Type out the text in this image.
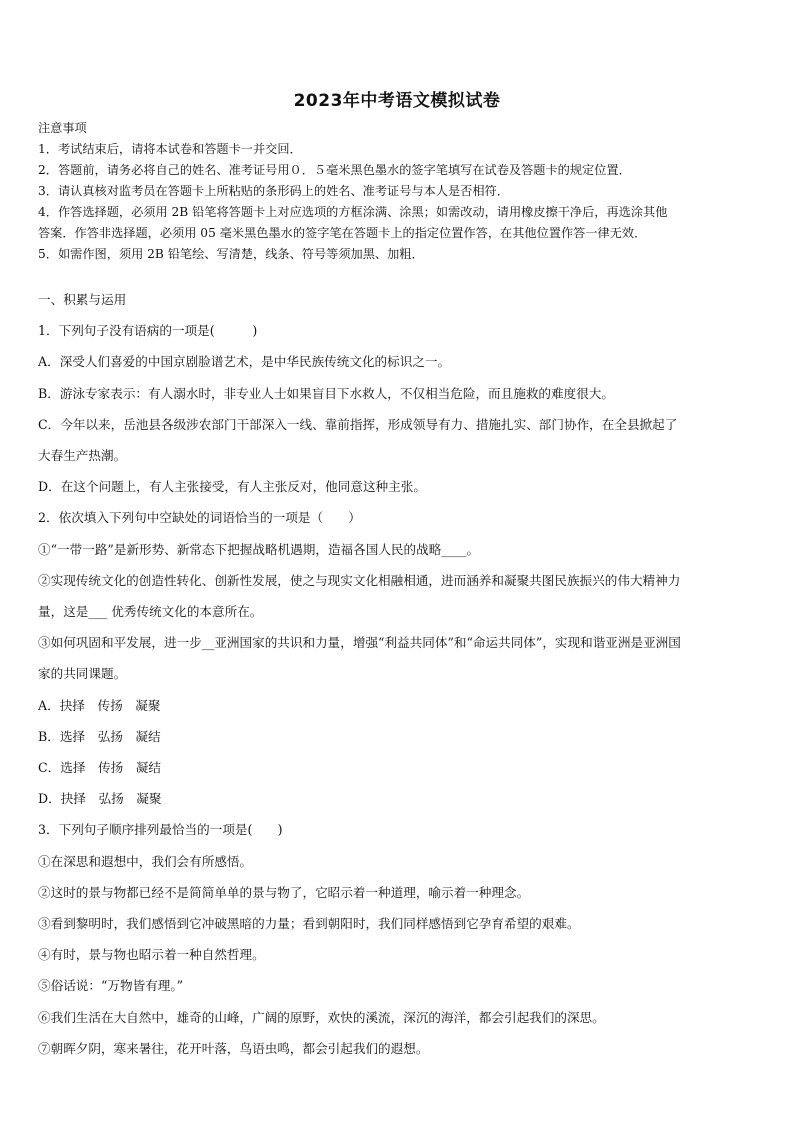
2023年中考语文模拟试卷
注意事项
1．考试结束后，请将本试卷和答题卡一并交回．
2．答题前，请务必将自己的姓名、准考证号用０．５毫米黑色墨水的签字笔填写在试卷及答题卡的规定位置．
3．请认真核对监考员在答题卡上所粘贴的条形码上的姓名、准考证号与本人是否相符．
4．作答选择题，必须用 2B 铅笔将答题卡上对应选项的方框涂满、涂黑；如需改动，请用橡皮擦干净后，再选涂其他
答案．作答非选择题，必须用 05 毫米黑色墨水的签字笔在答题卡上的指定位置作答，在其他位置作答一律无效．
5．如需作图，须用 2B 铅笔绘、写清楚，线条、符号等须加黑、加粗．
一、积累与运用
1．下列句子没有语病的一项是(　　　)
A．深受人们喜爱的中国京剧脸谱艺术，是中华民族传统文化的标识之一。
B．游泳专家表示：有人溺水时，非专业人士如果盲目下水救人，不仅相当危险，而且施救的难度很大。
C．今年以来，岳池县各级涉农部门干部深入一线、靠前指挥，形成领导有力、措施扎实、部门协作，在全县掀起了
大春生产热潮。
D．在这个问题上，有人主张接受，有人主张反对，他同意这种主张。
2．依次填入下列句中空缺处的词语恰当的一项是（　　）
①“一带一路”是新形势、新常态下把握战略机遇期，造福各国人民的战略____。
②实现传统文化的创造性转化、创新性发展，使之与现实文化相融相通，进而涵养和凝聚共图民族振兴的伟大精神力
量，这是___ 优秀传统文化的本意所在。
③如何巩固和平发展，进一步__亚洲国家的共识和力量，增强“利益共同体”和“命运共同体”，实现和谐亚洲是亚洲国
家的共同课题。
A．抉择　传扬　凝聚
B．选择　弘扬　凝结
C．选择　传扬　凝结
D．抉择　弘扬　凝聚
3．下列句子顺序排列最恰当的一项是(　　)
①在深思和遐想中，我们会有所感悟。
②这时的景与物都已经不是简简单单的景与物了，它昭示着一种道理，喻示着一种理念。
③看到黎明时，我们感悟到它冲破黑暗的力量；看到朝阳时，我们同样感悟到它孕育希望的艰难。
④有时，景与物也昭示着一种自然哲理。
⑤俗话说：“万物皆有理。”
⑥我们生活在大自然中，雄奇的山峰，广阔的原野，欢快的溪流，深沉的海洋，都会引起我们的深思。
⑦朝晖夕阴，寒来暑往，花开叶落，鸟语虫鸣，都会引起我们的遐想。
